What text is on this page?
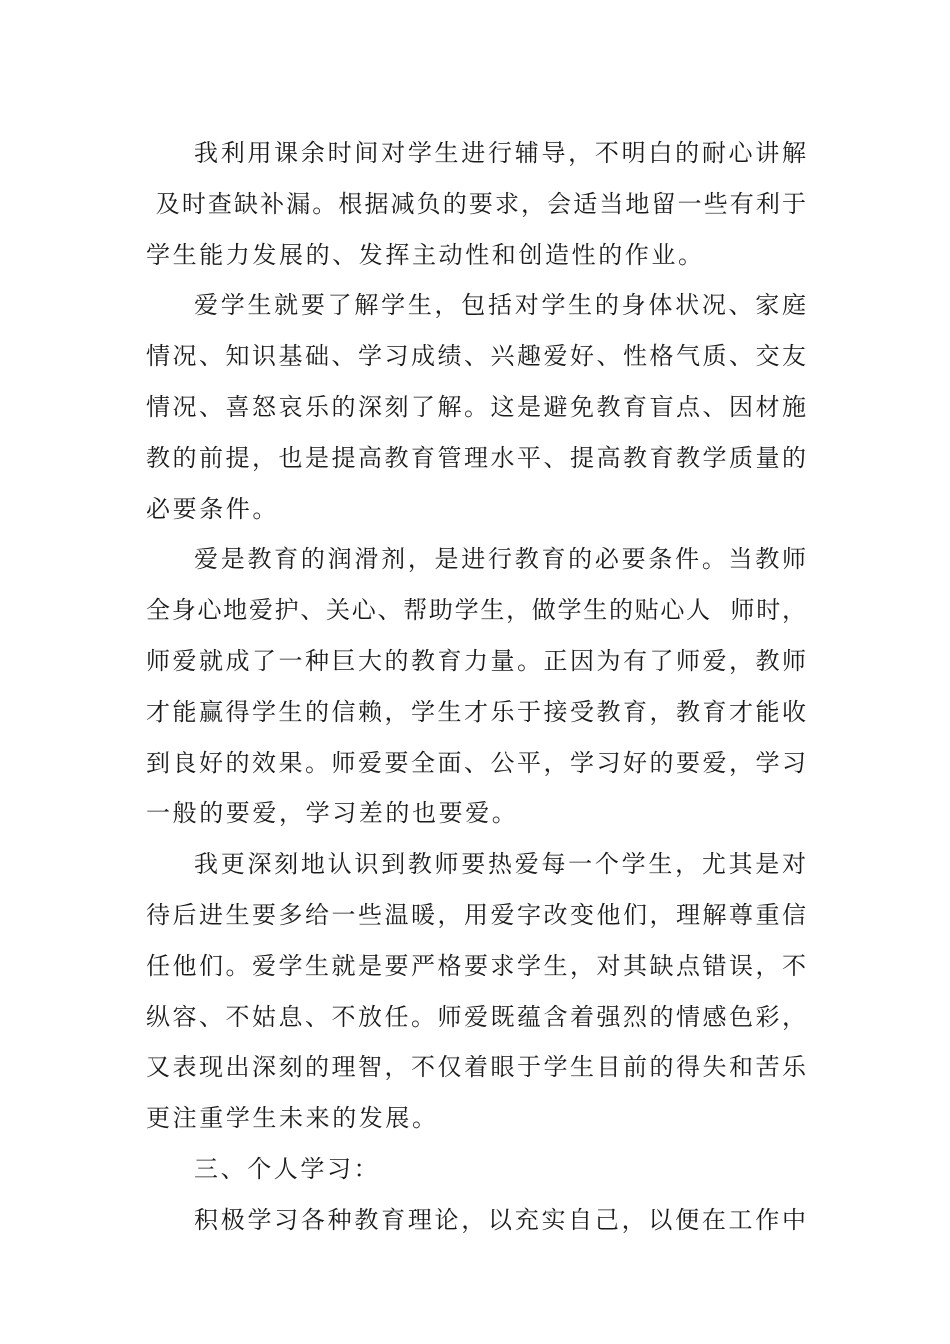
我利用课余时间对学生进行辅导，不明白的耐心讲解
及时查缺补漏。根据减负的要求，会适当地留一些有利于
学生能力发展的、发挥主动性和创造性的作业。
爱学生就要了解学生，包括对学生的身体状况、家庭
情况、知识基础、学习成绩、兴趣爱好、性格气质、交友
情况、喜怒哀乐的深刻了解。这是避免教育盲点、因材施
教的前提，也是提高教育管理水平、提高教育教学质量的
必要条件。
爱是教育的润滑剂，是进行教育的必要条件。当教师
全身心地爱护、关心、帮助学生，做学生的贴心人  师时，
师爱就成了一种巨大的教育力量。正因为有了师爱，教师
才能赢得学生的信赖，学生才乐于接受教育，教育才能收
到良好的效果。师爱要全面、公平，学习好的要爱，学习
一般的要爱，学习差的也要爱。
我更深刻地认识到教师要热爱每一个学生，尤其是对
待后进生要多给一些温暖，用爱字改变他们，理解尊重信
任他们。爱学生就是要严格要求学生，对其缺点错误，不
纵容、不姑息、不放任。师爱既蕴含着强烈的情感色彩，
又表现出深刻的理智，不仅着眼于学生目前的得失和苦乐
更注重学生未来的发展。
三、个人学习：
积极学习各种教育理论，以充实自己，以便在工作中
